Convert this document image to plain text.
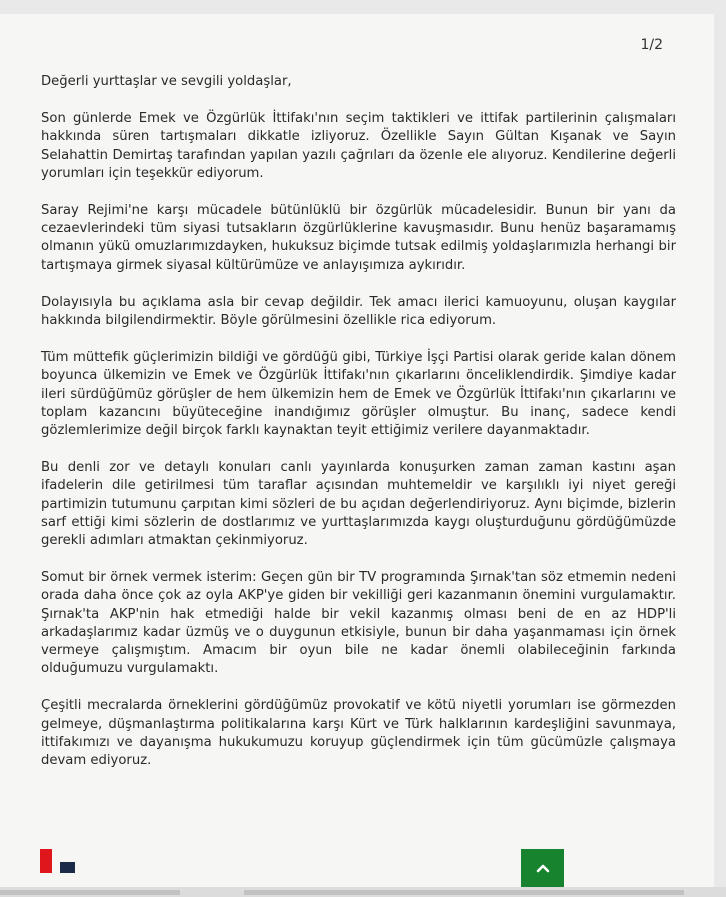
1/2

Değerli yurttaşlar ve sevgili yoldaşlar,

Son günlerde Emek ve Özgürlük İttifakı'nın seçim taktikleri ve ittifak partilerinin çalışmaları hakkında süren tartışmaları dikkatle izliyoruz. Özellikle Sayın Gültan Kışanak ve Sayın Selahattin Demirtaş tarafından yapılan yazılı çağrıları da özenle ele alıyoruz. Kendilerine değerli yorumları için teşekkür ediyorum.

Saray Rejimi'ne karşı mücadele bütünlüklü bir özgürlük mücadelesidir. Bunun bir yanı da cezaevlerindeki tüm siyasi tutsakların özgürlüklerine kavuşmasıdır. Bunu henüz başaramamış olmanın yükü omuzlarımızdayken, hukuksuz biçimde tutsak edilmiş yoldaşlarımızla herhangi bir tartışmaya girmek siyasal kültürümüze ve anlayışımıza aykırıdır.

Dolayısıyla bu açıklama asla bir cevap değildir. Tek amacı ilerici kamuoyunu, oluşan kaygılar hakkında bilgilendirmektir. Böyle görülmesini özellikle rica ediyorum.

Tüm müttefik güçlerimizin bildiği ve gördüğü gibi, Türkiye İşçi Partisi olarak geride kalan dönem boyunca ülkemizin ve Emek ve Özgürlük İttifakı'nın çıkarlarını önceliklendirdik. Şimdiye kadar ileri sürdüğümüz görüşler de hem ülkemizin hem de Emek ve Özgürlük İttifakı'nın çıkarlarını ve toplam kazancını büyüteceğine inandığımız görüşler olmuştur. Bu inanç, sadece kendi gözlemlerimize değil birçok farklı kaynaktan teyit ettiğimiz verilere dayanmaktadır.

Bu denli zor ve detaylı konuları canlı yayınlarda konuşurken zaman zaman kastını aşan ifadelerin dile getirilmesi tüm taraflar açısından muhtemeldir ve karşılıklı iyi niyet gereği partimizin tutumunu çarpıtan kimi sözleri de bu açıdan değerlendiriyoruz. Aynı biçimde, bizlerin sarf ettiği kimi sözlerin de dostlarımız ve yurttaşlarımızda kaygı oluşturduğunu gördüğümüzde gerekli adımları atmaktan çekinmiyoruz.

Somut bir örnek vermek isterim: Geçen gün bir TV programında Şırnak'tan söz etmemin nedeni orada daha önce çok az oyla AKP'ye giden bir vekilliği geri kazanmanın önemini vurgulamaktır. Şırnak'ta AKP'nin hak etmediği halde bir vekil kazanmış olması beni de en az HDP'li arkadaşlarımız kadar üzmüş ve o duygunun etkisiyle, bunun bir daha yaşanmaması için örnek vermeye çalışmıştım. Amacım bir oyun bile ne kadar önemli olabileceğinin farkında olduğumuzu vurgulamaktı.

Çeşitli mecralarda örneklerini gördüğümüz provokatif ve kötü niyetli yorumları ise görmezden gelmeye, düşmanlaştırma politikalarına karşı Kürt ve Türk halklarının kardeşliğini savunmaya, ittifakımızı ve dayanışma hukukumuzu koruyup güçlendirmek için tüm gücümüzle çalışmaya devam ediyoruz.
